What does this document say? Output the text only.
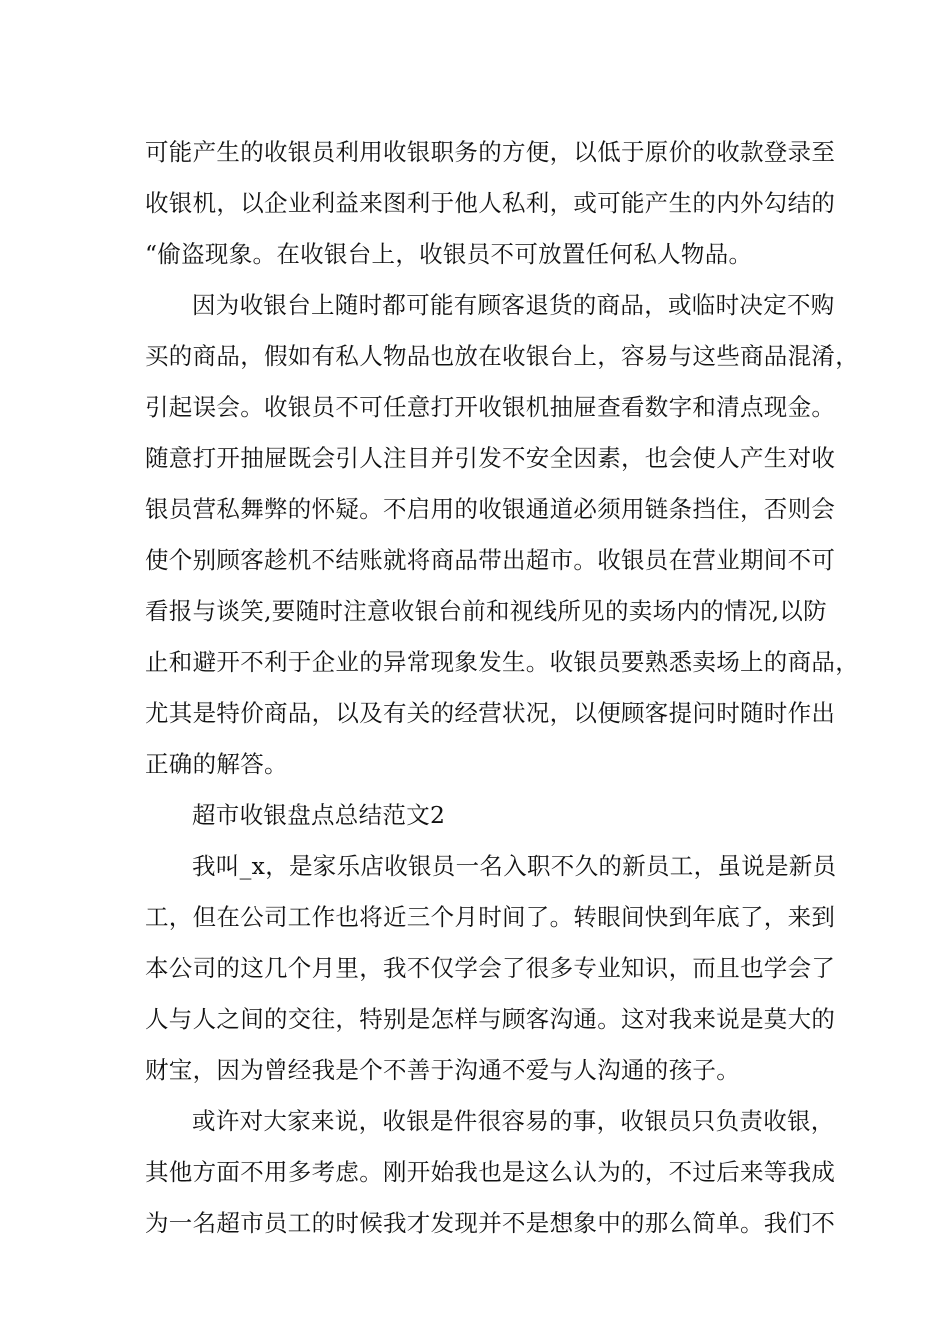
可能产生的收银员利用收银职务的方便，以低于原价的收款登录至
收银机，以企业利益来图利于他人私利，或可能产生的内外勾结的
“偷盗现象。在收银台上，收银员不可放置任何私人物品。
因为收银台上随时都可能有顾客退货的商品，或临时决定不购
买的商品，假如有私人物品也放在收银台上，容易与这些商品混淆，
引起误会。收银员不可任意打开收银机抽屉查看数字和清点现金。
随意打开抽屉既会引人注目并引发不安全因素，也会使人产生对收
银员营私舞弊的怀疑。不启用的收银通道必须用链条挡住，否则会
使个别顾客趁机不结账就将商品带出超市。收银员在营业期间不可
看报与谈笑,要随时注意收银台前和视线所见的卖场内的情况,以防
止和避开不利于企业的异常现象发生。收银员要熟悉卖场上的商品，
尤其是特价商品，以及有关的经营状况，以便顾客提问时随时作出
正确的解答。
超市收银盘点总结范文2
我叫_x，是家乐店收银员一名入职不久的新员工，虽说是新员
工，但在公司工作也将近三个月时间了。转眼间快到年底了，来到
本公司的这几个月里，我不仅学会了很多专业知识，而且也学会了
人与人之间的交往，特别是怎样与顾客沟通。这对我来说是莫大的
财宝，因为曾经我是个不善于沟通不爱与人沟通的孩子。
或许对大家来说，收银是件很容易的事，收银员只负责收银，
其他方面不用多考虑。刚开始我也是这么认为的，不过后来等我成
为一名超市员工的时候我才发现并不是想象中的那么简单。我们不
